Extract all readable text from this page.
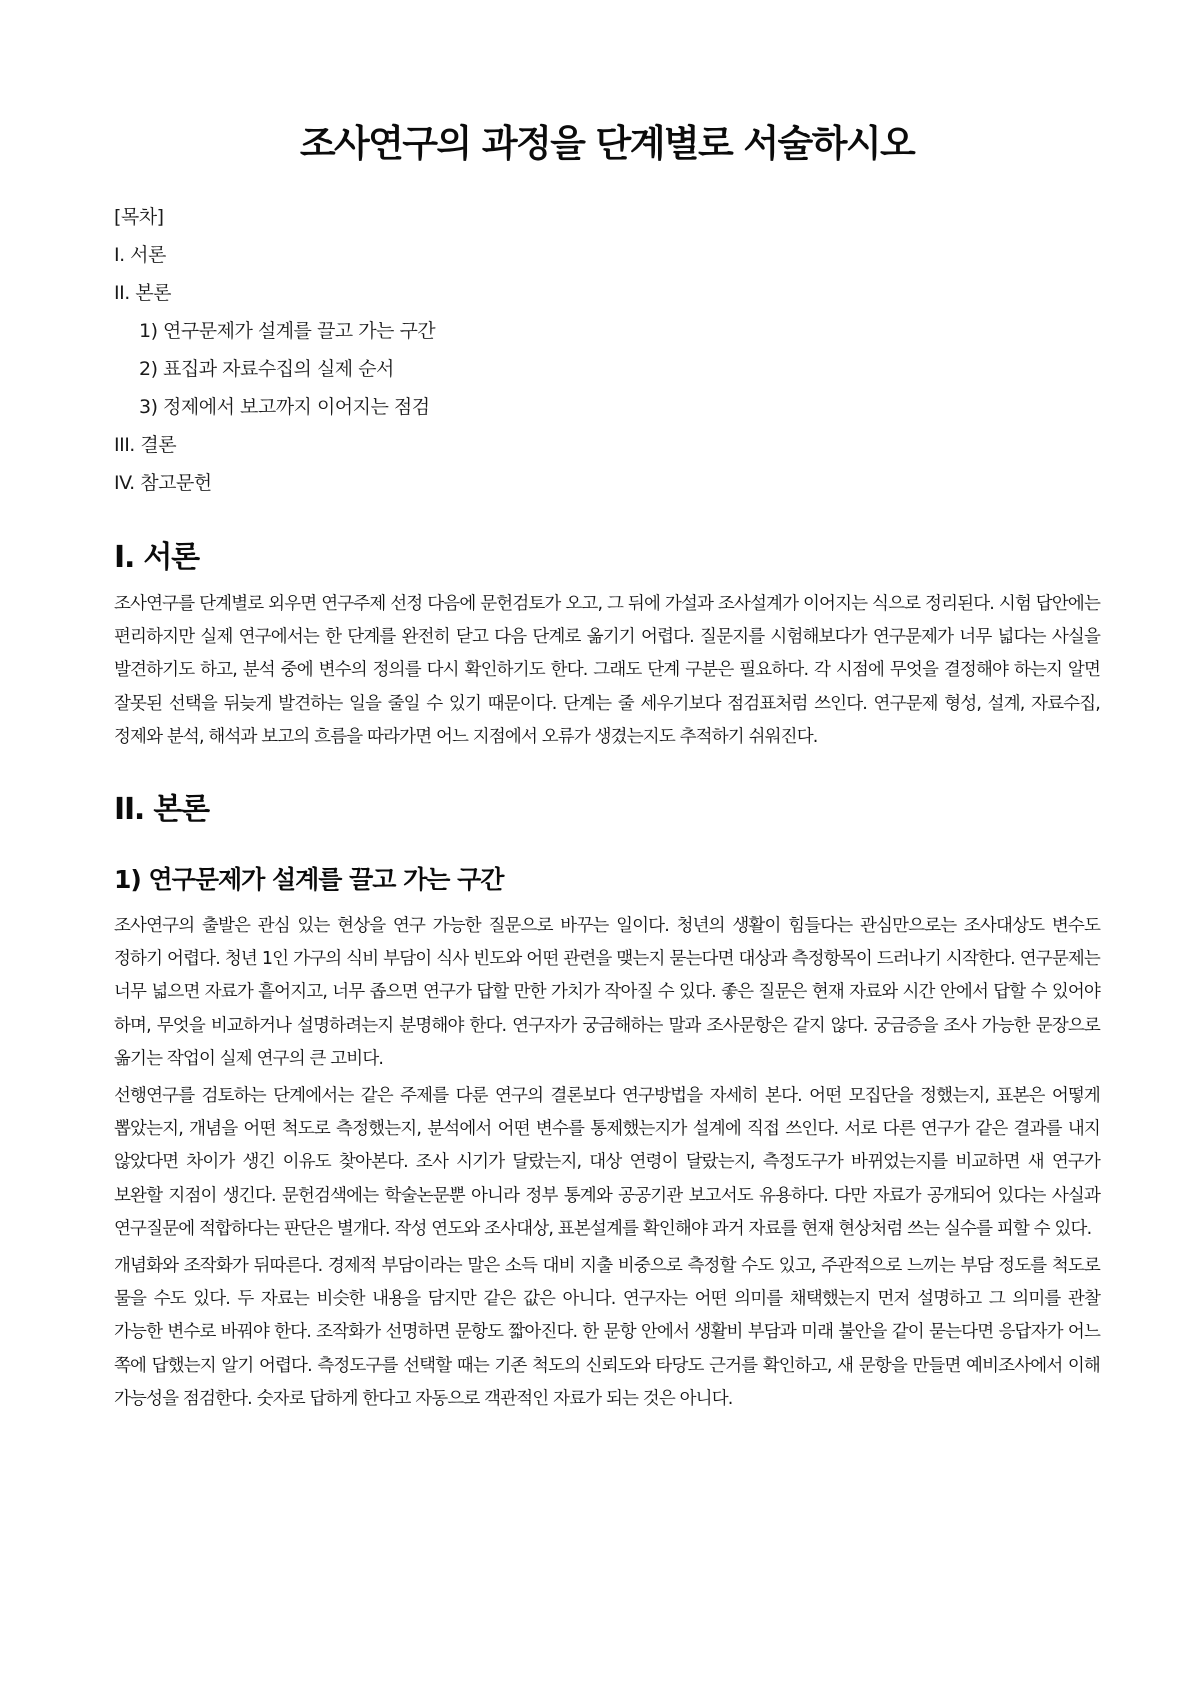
조사연구의 과정을 단계별로 서술하시오
[목차]
I. 서론
II. 본론
1) 연구문제가 설계를 끌고 가는 구간
2) 표집과 자료수집의 실제 순서
3) 정제에서 보고까지 이어지는 점검
III. 결론
IV. 참고문헌
I. 서론

조사연구를 단계별로 외우면 연구주제 선정 다음에 문헌검토가 오고, 그 뒤에 가설과 조사설계가 이어지는 식으로 정리된다. 시험 답안에는 편리하지만 실제 연구에서는 한 단계를 완전히 닫고 다음 단계로 옮기기 어렵다. 질문지를 시험해보다가 연구문제가 너무 넓다는 사실을 발견하기도 하고, 분석 중에 변수의 정의를 다시 확인하기도 한다. 그래도 단계 구분은 필요하다. 각 시점에 무엇을 결정해야 하는지 알면 잘못된 선택을 뒤늦게 발견하는 일을 줄일 수 있기 때문이다. 단계는 줄 세우기보다 점검표처럼 쓰인다. 연구문제 형성, 설계, 자료수집, 정제와 분석, 해석과 보고의 흐름을 따라가면 어느 지점에서 오류가 생겼는지도 추적하기 쉬워진다.

II. 본론
1) 연구문제가 설계를 끌고 가는 구간

조사연구의 출발은 관심 있는 현상을 연구 가능한 질문으로 바꾸는 일이다. 청년의 생활이 힘들다는 관심만으로는 조사대상도 변수도 정하기 어렵다. 청년 1인 가구의 식비 부담이 식사 빈도와 어떤 관련을 맺는지 묻는다면 대상과 측정항목이 드러나기 시작한다. 연구문제는 너무 넓으면 자료가 흩어지고, 너무 좁으면 연구가 답할 만한 가치가 작아질 수 있다. 좋은 질문은 현재 자료와 시간 안에서 답할 수 있어야 하며, 무엇을 비교하거나 설명하려는지 분명해야 한다. 연구자가 궁금해하는 말과 조사문항은 같지 않다. 궁금증을 조사 가능한 문장으로 옮기는 작업이 실제 연구의 큰 고비다.

선행연구를 검토하는 단계에서는 같은 주제를 다룬 연구의 결론보다 연구방법을 자세히 본다. 어떤 모집단을 정했는지, 표본은 어떻게 뽑았는지, 개념을 어떤 척도로 측정했는지, 분석에서 어떤 변수를 통제했는지가 설계에 직접 쓰인다. 서로 다른 연구가 같은 결과를 내지 않았다면 차이가 생긴 이유도 찾아본다. 조사 시기가 달랐는지, 대상 연령이 달랐는지, 측정도구가 바뀌었는지를 비교하면 새 연구가 보완할 지점이 생긴다. 문헌검색에는 학술논문뿐 아니라 정부 통계와 공공기관 보고서도 유용하다. 다만 자료가 공개되어 있다는 사실과 연구질문에 적합하다는 판단은 별개다. 작성 연도와 조사대상, 표본설계를 확인해야 과거 자료를 현재 현상처럼 쓰는 실수를 피할 수 있다.

개념화와 조작화가 뒤따른다. 경제적 부담이라는 말은 소득 대비 지출 비중으로 측정할 수도 있고, 주관적으로 느끼는 부담 정도를 척도로 물을 수도 있다. 두 자료는 비슷한 내용을 담지만 같은 값은 아니다. 연구자는 어떤 의미를 채택했는지 먼저 설명하고 그 의미를 관찰 가능한 변수로 바꿔야 한다. 조작화가 선명하면 문항도 짧아진다. 한 문항 안에서 생활비 부담과 미래 불안을 같이 묻는다면 응답자가 어느 쪽에 답했는지 알기 어렵다. 측정도구를 선택할 때는 기존 척도의 신뢰도와 타당도 근거를 확인하고, 새 문항을 만들면 예비조사에서 이해 가능성을 점검한다. 숫자로 답하게 한다고 자동으로 객관적인 자료가 되는 것은 아니다.
